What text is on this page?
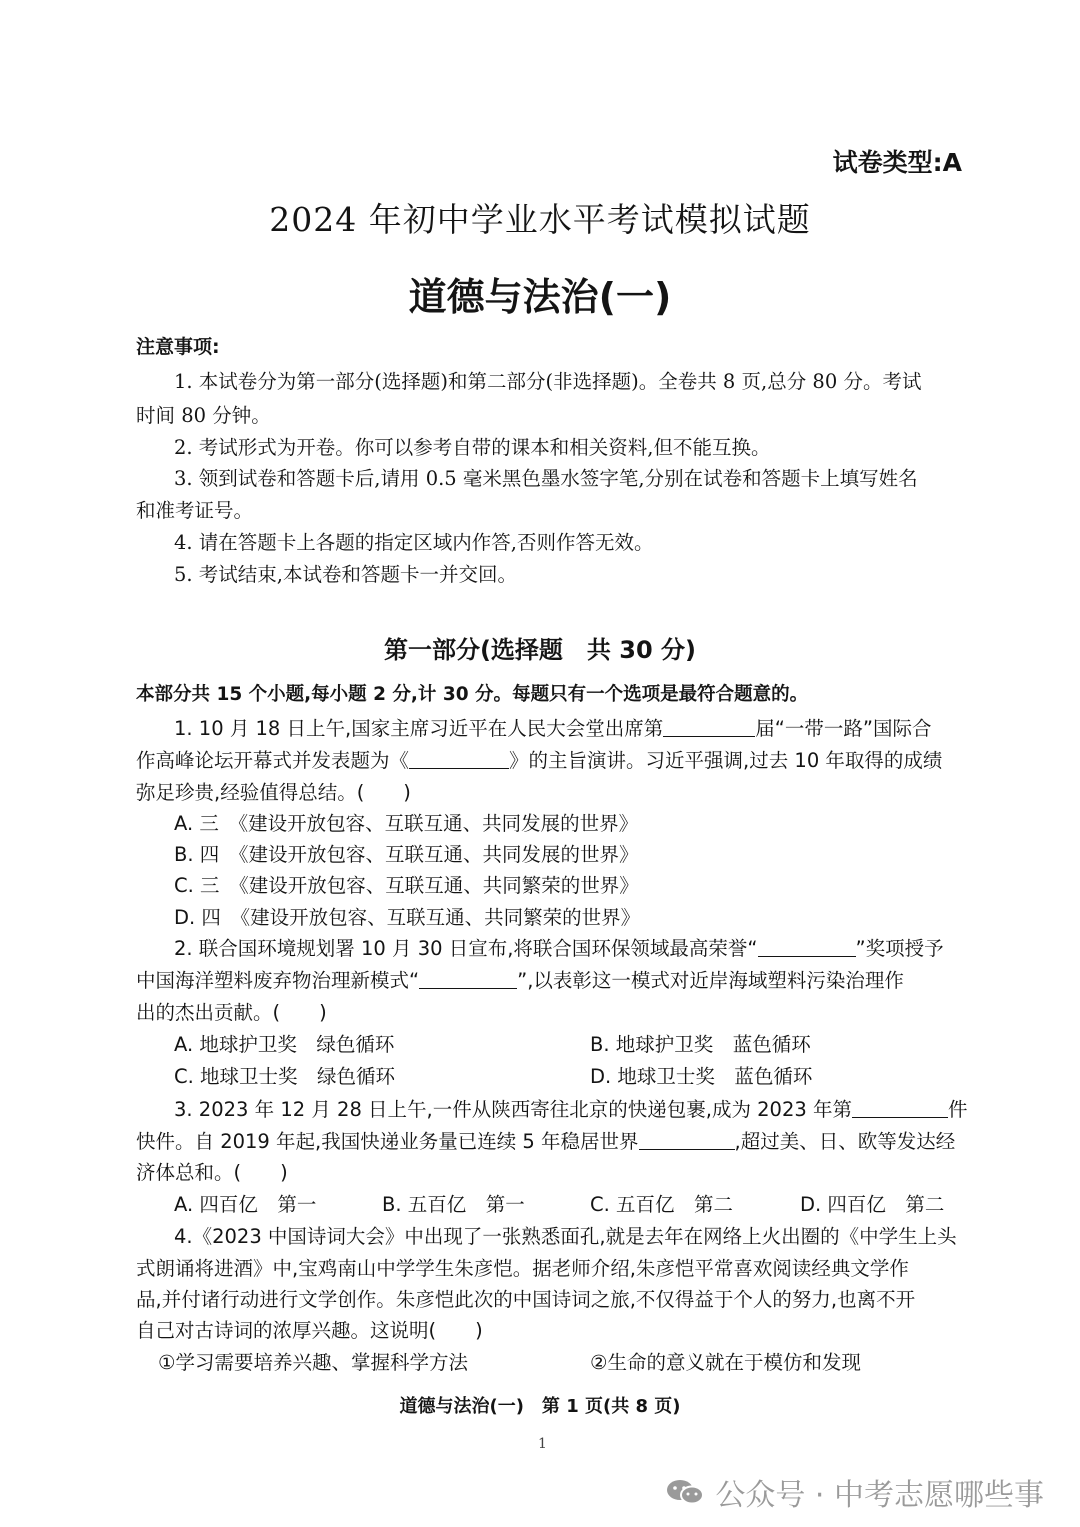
试卷类型:A
2024 年初中学业水平考试模拟试题
道德与法治(一)
注意事项:
1. 本试卷分为第一部分(选择题)和第二部分(非选择题)。全卷共 8 页,总分 80 分。考试
时间 80 分钟。
2. 考试形式为开卷。你可以参考自带的课本和相关资料,但不能互换。
3. 领到试卷和答题卡后,请用 0.5 毫米黑色墨水签字笔,分别在试卷和答题卡上填写姓名
和准考证号。
4. 请在答题卡上各题的指定区域内作答,否则作答无效。
5. 考试结束,本试卷和答题卡一并交回。
第一部分(选择题　共 30 分)
本部分共 15 个小题,每小题 2 分,计 30 分。每题只有一个选项是最符合题意的。
1. 10 月 18 日上午,国家主席习近平在人民大会堂出席第	届“一带一路”国际合
作高峰论坛开幕式并发表题为《	》的主旨演讲。习近平强调,过去 10 年取得的成绩
弥足珍贵,经验值得总结。(　　)
A. 三　《建设开放包容、互联互通、共同发展的世界》
B. 四　《建设开放包容、互联互通、共同发展的世界》
C. 三　《建设开放包容、互联互通、共同繁荣的世界》
D. 四　《建设开放包容、互联互通、共同繁荣的世界》
2. 联合国环境规划署 10 月 30 日宣布,将联合国环保领域最高荣誉“	”奖项授予
中国海洋塑料废弃物治理新模式“	”,以表彰这一模式对近岸海域塑料污染治理作
出的杰出贡献。(　　)
A. 地球护卫奖　绿色循环	B. 地球护卫奖　蓝色循环
C. 地球卫士奖　绿色循环	D. 地球卫士奖　蓝色循环
3. 2023 年 12 月 28 日上午,一件从陕西寄往北京的快递包裹,成为 2023 年第	件
快件。自 2019 年起,我国快递业务量已连续 5 年稳居世界	,超过美、日、欧等发达经
济体总和。(　　)
A. 四百亿　第一	B. 五百亿　第一	C. 五百亿　第二	D. 四百亿　第二
4.《2023 中国诗词大会》中出现了一张熟悉面孔,就是去年在网络上火出圈的《中学生上头
式朗诵将进酒》中,宝鸡南山中学学生朱彦恺。据老师介绍,朱彦恺平常喜欢阅读经典文学作
品,并付诸行动进行文学创作。朱彦恺此次的中国诗词之旅,不仅得益于个人的努力,也离不开
自己对古诗词的浓厚兴趣。这说明(　　)
①学习需要培养兴趣、掌握科学方法	②生命的意义就在于模仿和发现
道德与法治(一)　第 1 页(共 8 页)
1
公众号 · 中考志愿哪些事
